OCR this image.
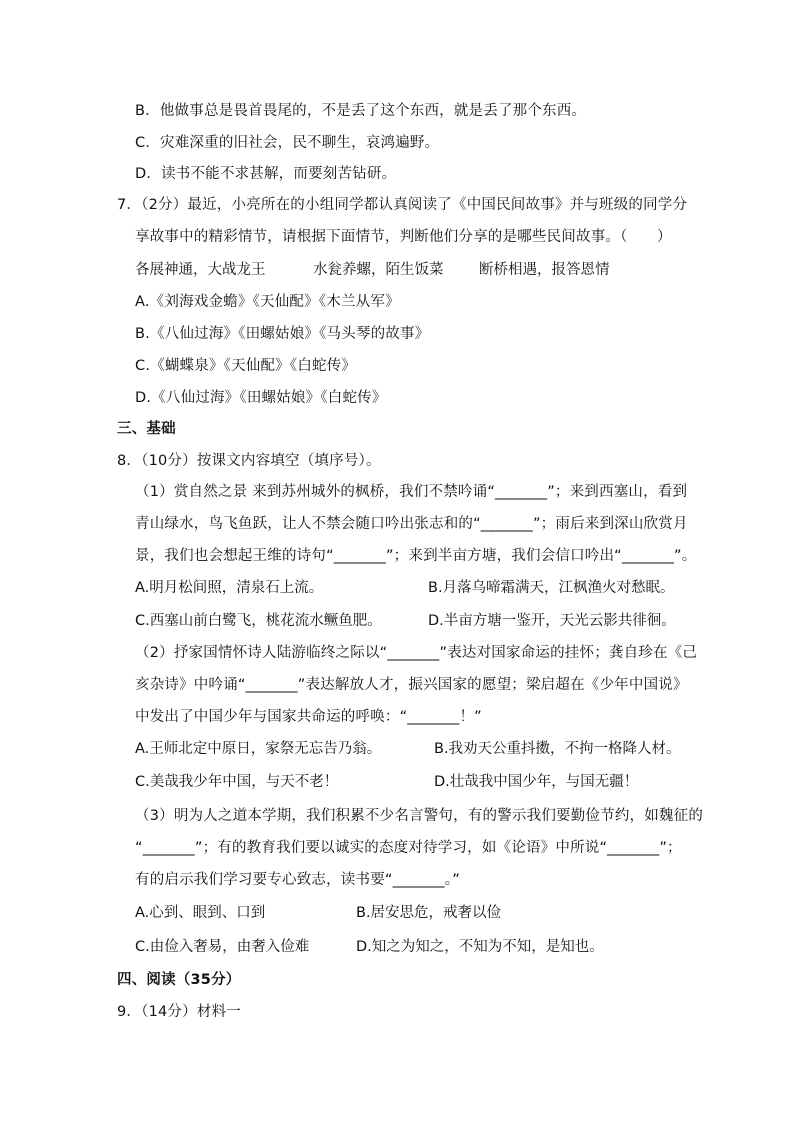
B．他做事总是畏首畏尾的，不是丢了这个东西，就是丢了那个东西。
C．灾难深重的旧社会，民不聊生，哀鸿遍野。
D．读书不能不求甚解，而要刻苦钻研。
7．（2分）最近，小亮所在的小组同学都认真阅读了《中国民间故事》并与班级的同学分
享故事中的精彩情节，请根据下面情节，判断他们分享的是哪些民间故事。（　　）
各展神通，大战龙王	水瓮养螺，陌生饭菜 断桥相遇，报答恩情
A.《刘海戏金蟾》《天仙配》《木兰从军》
B.《八仙过海》《田螺姑娘》《马头琴的故事》
C.《蝴蝶泉》《天仙配》《白蛇传》
D.《八仙过海》《田螺姑娘》《白蛇传》
三、基础
8．（10分）按课文内容填空（填序号）。
（1）赏自然之景 来到苏州城外的枫桥，我们不禁吟诵“_______”；来到西塞山，看到
青山绿水，鸟飞鱼跃，让人不禁会随口吟出张志和的“_______”；雨后来到深山欣赏月
景，我们也会想起王维的诗句“_______”；来到半亩方塘，我们会信口吟出“_______”。
A.明月松间照，清泉石上流。	B.月落乌啼霜满天，江枫渔火对愁眠。
C.西塞山前白鹭飞，桃花流水鳜鱼肥。	D.半亩方塘一鉴开，天光云影共徘徊。
（2）抒家国情怀诗人陆游临终之际以“_______”表达对国家命运的挂怀；龚自珍在《己
亥杂诗》中吟诵“_______”表达解放人才，振兴国家的愿望；梁启超在《少年中国说》
中发出了中国少年与国家共命运的呼唤：“_______！”
A.王师北定中原日，家祭无忘告乃翁。	B.我劝天公重抖擞，不拘一格降人材。
C.美哉我少年中国，与天不老！	D.壮哉我中国少年，与国无疆！
（3）明为人之道本学期，我们积累不少名言警句，有的警示我们要勤俭节约，如魏征的
“_______”；有的教育我们要以诚实的态度对待学习，如《论语》中所说“_______”；
有的启示我们学习要专心致志，读书要“_______。”
A.心到、眼到、口到	B.居安思危，戒奢以俭
C.由俭入奢易，由奢入俭难	D.知之为知之，不知为不知，是知也。
四、阅读（35分）
9．（14分）材料一
